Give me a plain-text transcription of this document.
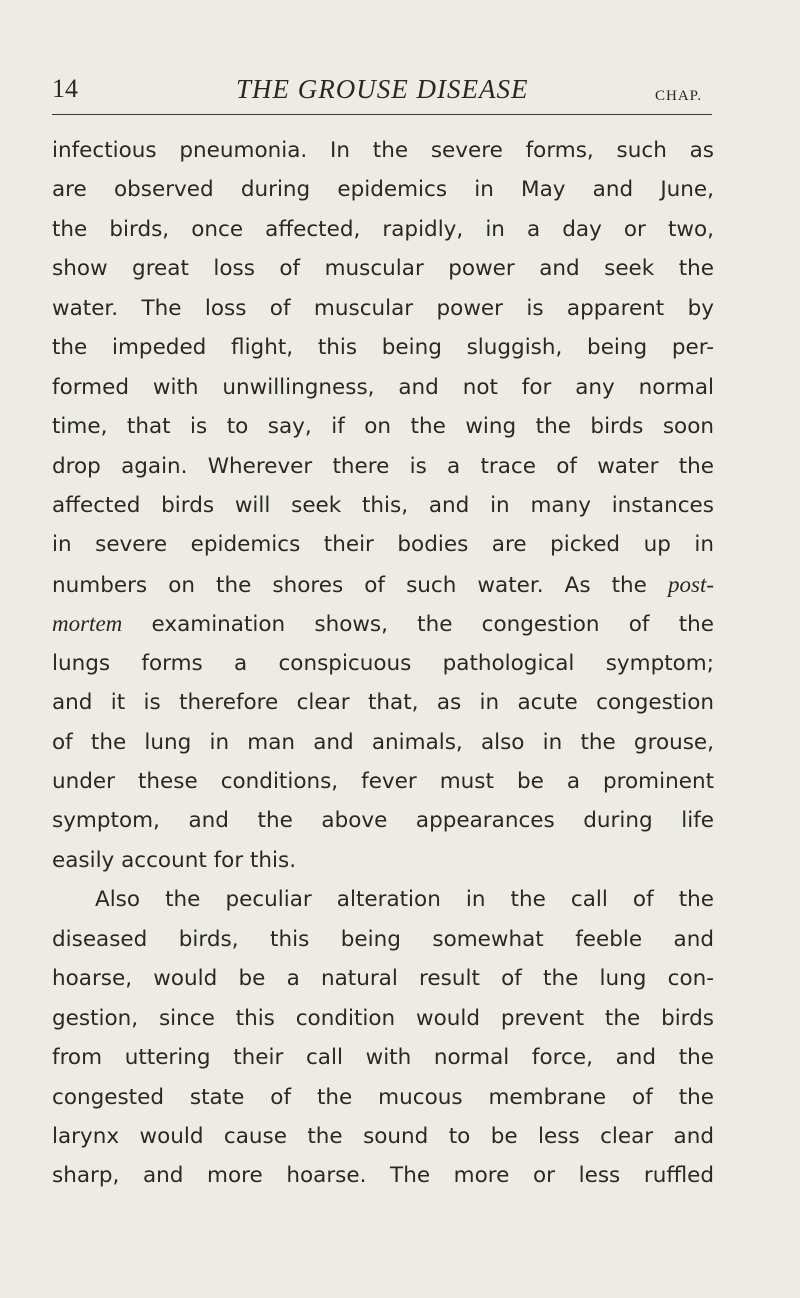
14	THE GROUSE DISEASE	CHAP.
infectious pneumonia. In the severe forms, such as
are observed during epidemics in May and June,
the birds, once affected, rapidly, in a day or two,
show great loss of muscular power and seek the
water. The loss of muscular power is apparent by
the impeded flight, this being sluggish, being per-
formed with unwillingness, and not for any normal
time, that is to say, if on the wing the birds soon
drop again. Wherever there is a trace of water the
affected birds will seek this, and in many instances
in severe epidemics their bodies are picked up in
numbers on the shores of such water. As the post-
mortem examination shows, the congestion of the
lungs forms a conspicuous pathological symptom;
and it is therefore clear that, as in acute congestion
of the lung in man and animals, also in the grouse,
under these conditions, fever must be a prominent
symptom, and the above appearances during life
easily account for this.
Also the peculiar alteration in the call of the
diseased birds, this being somewhat feeble and
hoarse, would be a natural result of the lung con-
gestion, since this condition would prevent the birds
from uttering their call with normal force, and the
congested state of the mucous membrane of the
larynx would cause the sound to be less clear and
sharp, and more hoarse. The more or less ruffled
